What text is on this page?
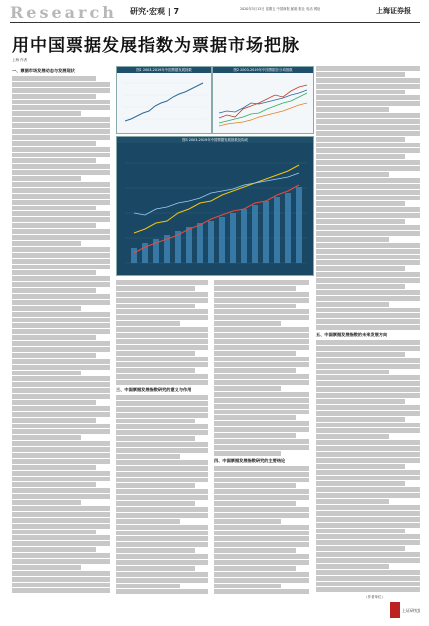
Research 研究·宏观 | 7	2020年3月13日 星期五 中国商报 邮箱 报社 电话 网址	上海证券报
用中国票据发展指数为票据市场把脉
上海 作者
一、票据市场发展动态与发展现状
三、中国票据发展指数研究的意义与作用
四、中国票据发展指数研究的主要结论
五、中国票据发展指数的未来发展方向
图1 2003-2019年中国票据发展指数	图2 2003-2019年中国票据各分项指数
图3 2003-2019年中国票据发展指数及构成
（作者单位）
上证研究院
